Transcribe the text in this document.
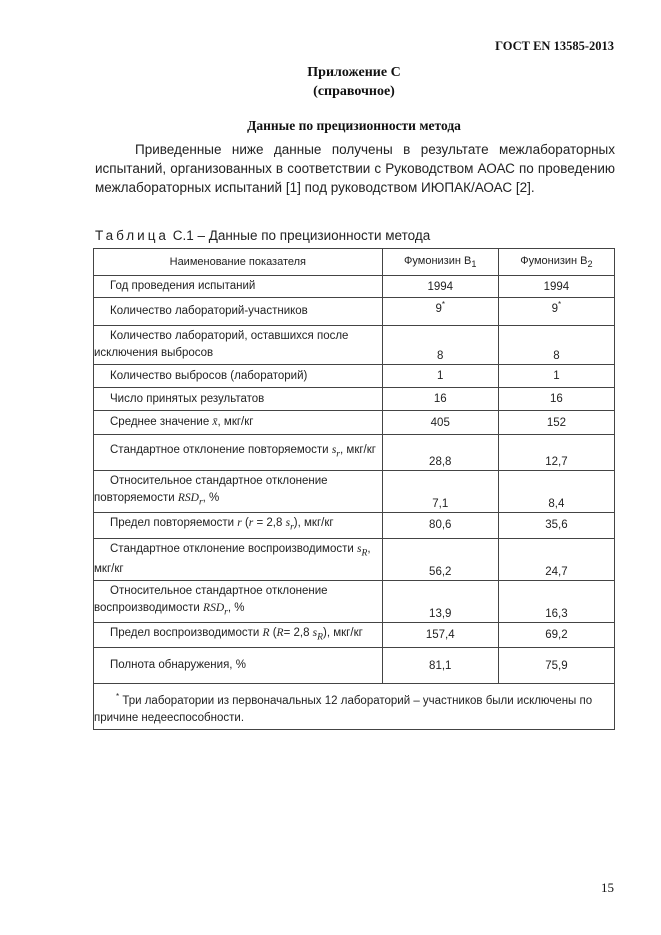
ГОСТ EN 13585-2013
Приложение С
(справочное)
Данные по прецизионности метода
Приведенные ниже данные получены в результате межлабораторных испытаний, организованных в соответствии с Руководством АОАС по проведению межлабораторных испытаний [1] под руководством ИЮПАК/АОАС [2].
Таблица С.1 – Данные по прецизионности метода
Наименование показателя	Фумонизин $B_1$	Фумонизин $B_2$
Год проведения испытаний	1994	1994
Количество лабораторий-участников	9*	9*
Количество лабораторий, оставшихся после исключения выбросов	8	8
Количество выбросов (лабораторий)	1	1
Число принятых результатов	16	16
Среднее значение x̄, мкг/кг	405	152
Стандартное отклонение повторяемости $s_r$, мкг/кг	28,8	12,7
Относительное стандартное отклонение повторяемости $RSD_r$, %	7,1	8,4
Предел повторяемости r (r = 2,8 $s_r$), мкг/кг	80,6	35,6
Стандартное отклонение воспроизводимости $s_R$, мкг/кг	56,2	24,7
Относительное стандартное отклонение воспроизводимости $RSD_r$, %	13,9	16,3
Предел воспроизводимости R (R= 2,8 $s_R$), мкг/кг	157,4	69,2
Полнота обнаружения, %	81,1	75,9
* Три лаборатории из первоначальных 12 лабораторий – участников были исключены по причине недееспособности.		
15
